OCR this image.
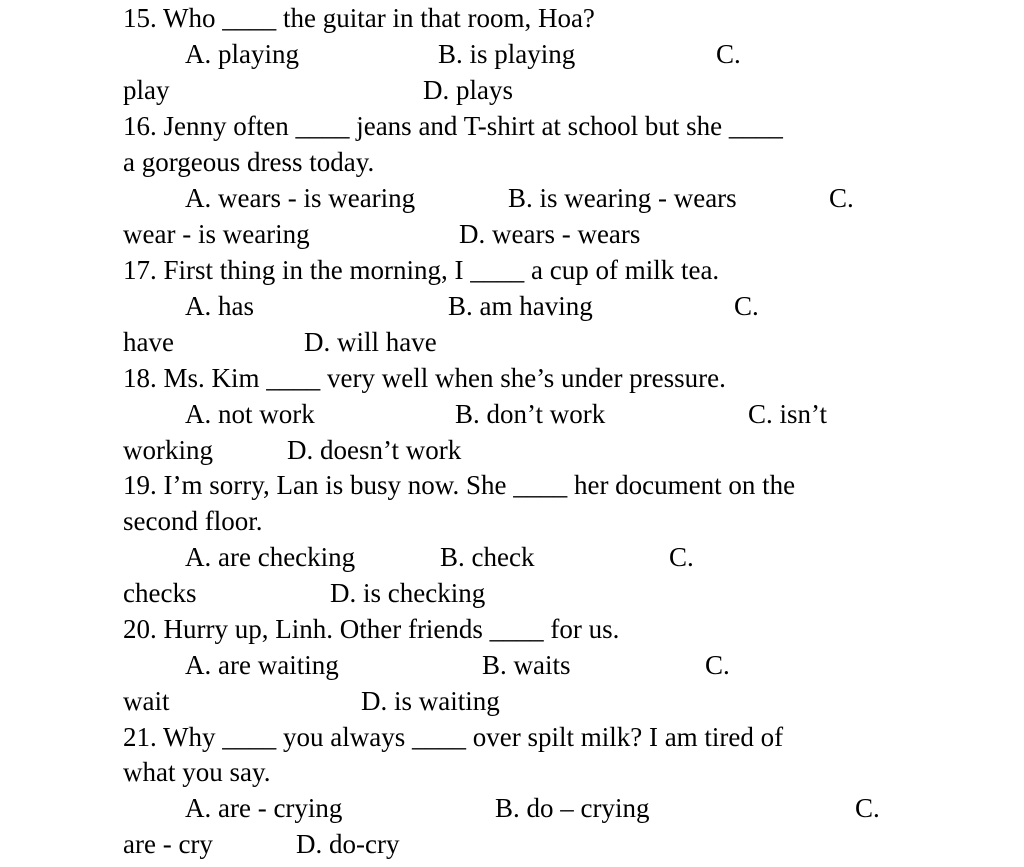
15. Who ____ the guitar in that room, Hoa?
A. playing	B. is playing	C.
play	D. plays
16. Jenny often ____ jeans and T-shirt at school but she ____
a gorgeous dress today.
A. wears - is wearing	B. is wearing - wears	C.
wear - is wearing	D. wears - wears
17. First thing in the morning, I ____ a cup of milk tea.
A. has	B. am having	C.
have	D. will have
18. Ms. Kim ____ very well when she’s under pressure.
A. not work	B. don’t work	C. isn’t
working	D. doesn’t work
19. I’m sorry, Lan is busy now. She ____ her document on the
second floor.
A. are checking	B. check	C.
checks	D. is checking
20. Hurry up, Linh. Other friends ____ for us.
A. are waiting	B. waits	C.
wait	D. is waiting
21. Why ____ you always ____ over spilt milk? I am tired of
what you say.
A. are - crying	B. do – crying	C.
are - cry	D. do-cry
